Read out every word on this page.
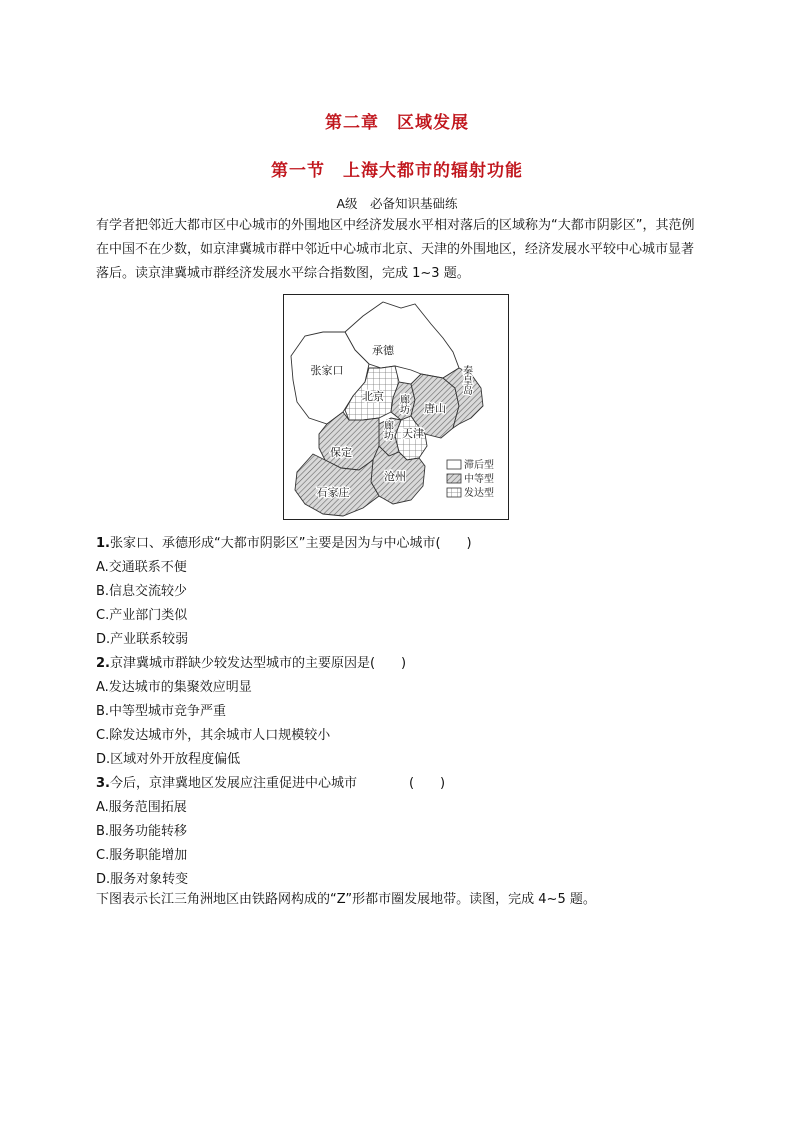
第二章　区域发展
第一节　上海大都市的辐射功能
A级　必备知识基础练
有学者把邻近大都市区中心城市的外围地区中经济发展水平相对落后的区域称为“大都市阴影区”，其范例在中国不在少数，如京津冀城市群中邻近中心城市北京、天津的外围地区，经济发展水平较中心城市显著落后。读京津冀城市群经济发展水平综合指数图，完成 1~3 题。
承德
张家口
北京 廊坊 唐山
秦皇岛
天津
廊坊
保定
沧州
石家庄
滞后型
中等型
发达型
1.张家口、承德形成“大都市阴影区”主要是因为与中心城市(　　)
A.交通联系不便
B.信息交流较少
C.产业部门类似
D.产业联系较弱
2.京津冀城市群缺少较发达型城市的主要原因是(　　)
A.发达城市的集聚效应明显
B.中等型城市竞争严重
C.除发达城市外，其余城市人口规模较小
D.区域对外开放程度偏低
3.今后，京津冀地区发展应注重促进中心城市　　　　(　　)
A.服务范围拓展
B.服务功能转移
C.服务职能增加
D.服务对象转变
下图表示长江三角洲地区由铁路网构成的“Z”形都市圈发展地带。读图，完成 4~5 题。
